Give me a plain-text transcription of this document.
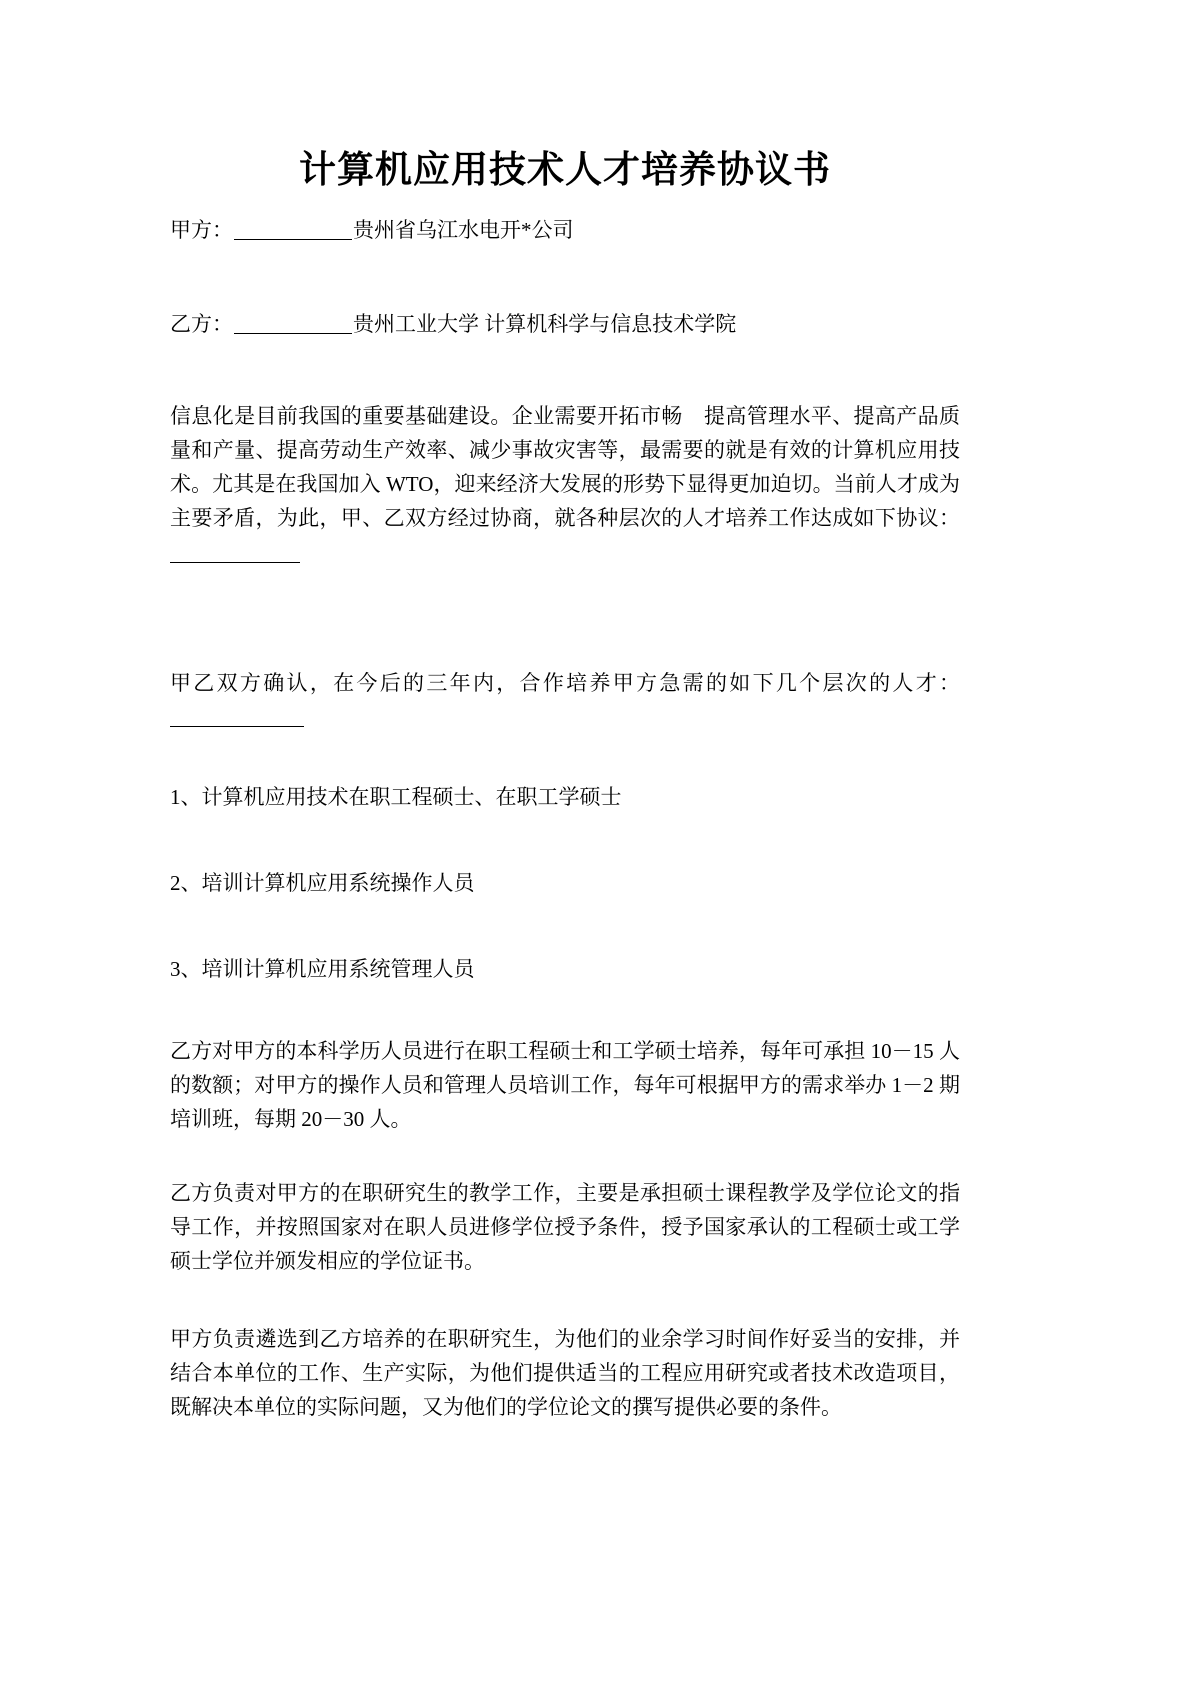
计算机应用技术人才培养协议书

甲方：	贵州省乌江水电开*公司

乙方：	贵州工业大学 计算机科学与信息技术学院

信息化是目前我国的重要基础建设。企业需要开拓市畅　提高管理水平、提高产品质量和产量、提高劳动生产效率、减少事故灾害等，最需要的就是有效的计算机应用技术。尤其是在我国加入 WTO，迎来经济大发展的形势下显得更加迫切。当前人才成为主要矛盾，为此，甲、乙双方经过协商，就各种层次的人才培养工作达成如下协议：

甲乙双方确认，在今后的三年内，合作培养甲方急需的如下几个层次的人才：

1、计算机应用技术在职工程硕士、在职工学硕士

2、培训计算机应用系统操作人员

3、培训计算机应用系统管理人员

乙方对甲方的本科学历人员进行在职工程硕士和工学硕士培养，每年可承担 10－15 人的数额；对甲方的操作人员和管理人员培训工作，每年可根据甲方的需求举办 1－2 期培训班，每期 20－30 人。

乙方负责对甲方的在职研究生的教学工作，主要是承担硕士课程教学及学位论文的指导工作，并按照国家对在职人员进修学位授予条件，授予国家承认的工程硕士或工学硕士学位并颁发相应的学位证书。

甲方负责遴选到乙方培养的在职研究生，为他们的业余学习时间作好妥当的安排，并结合本单位的工作、生产实际，为他们提供适当的工程应用研究或者技术改造项目，既解决本单位的实际问题，又为他们的学位论文的撰写提供必要的条件。
